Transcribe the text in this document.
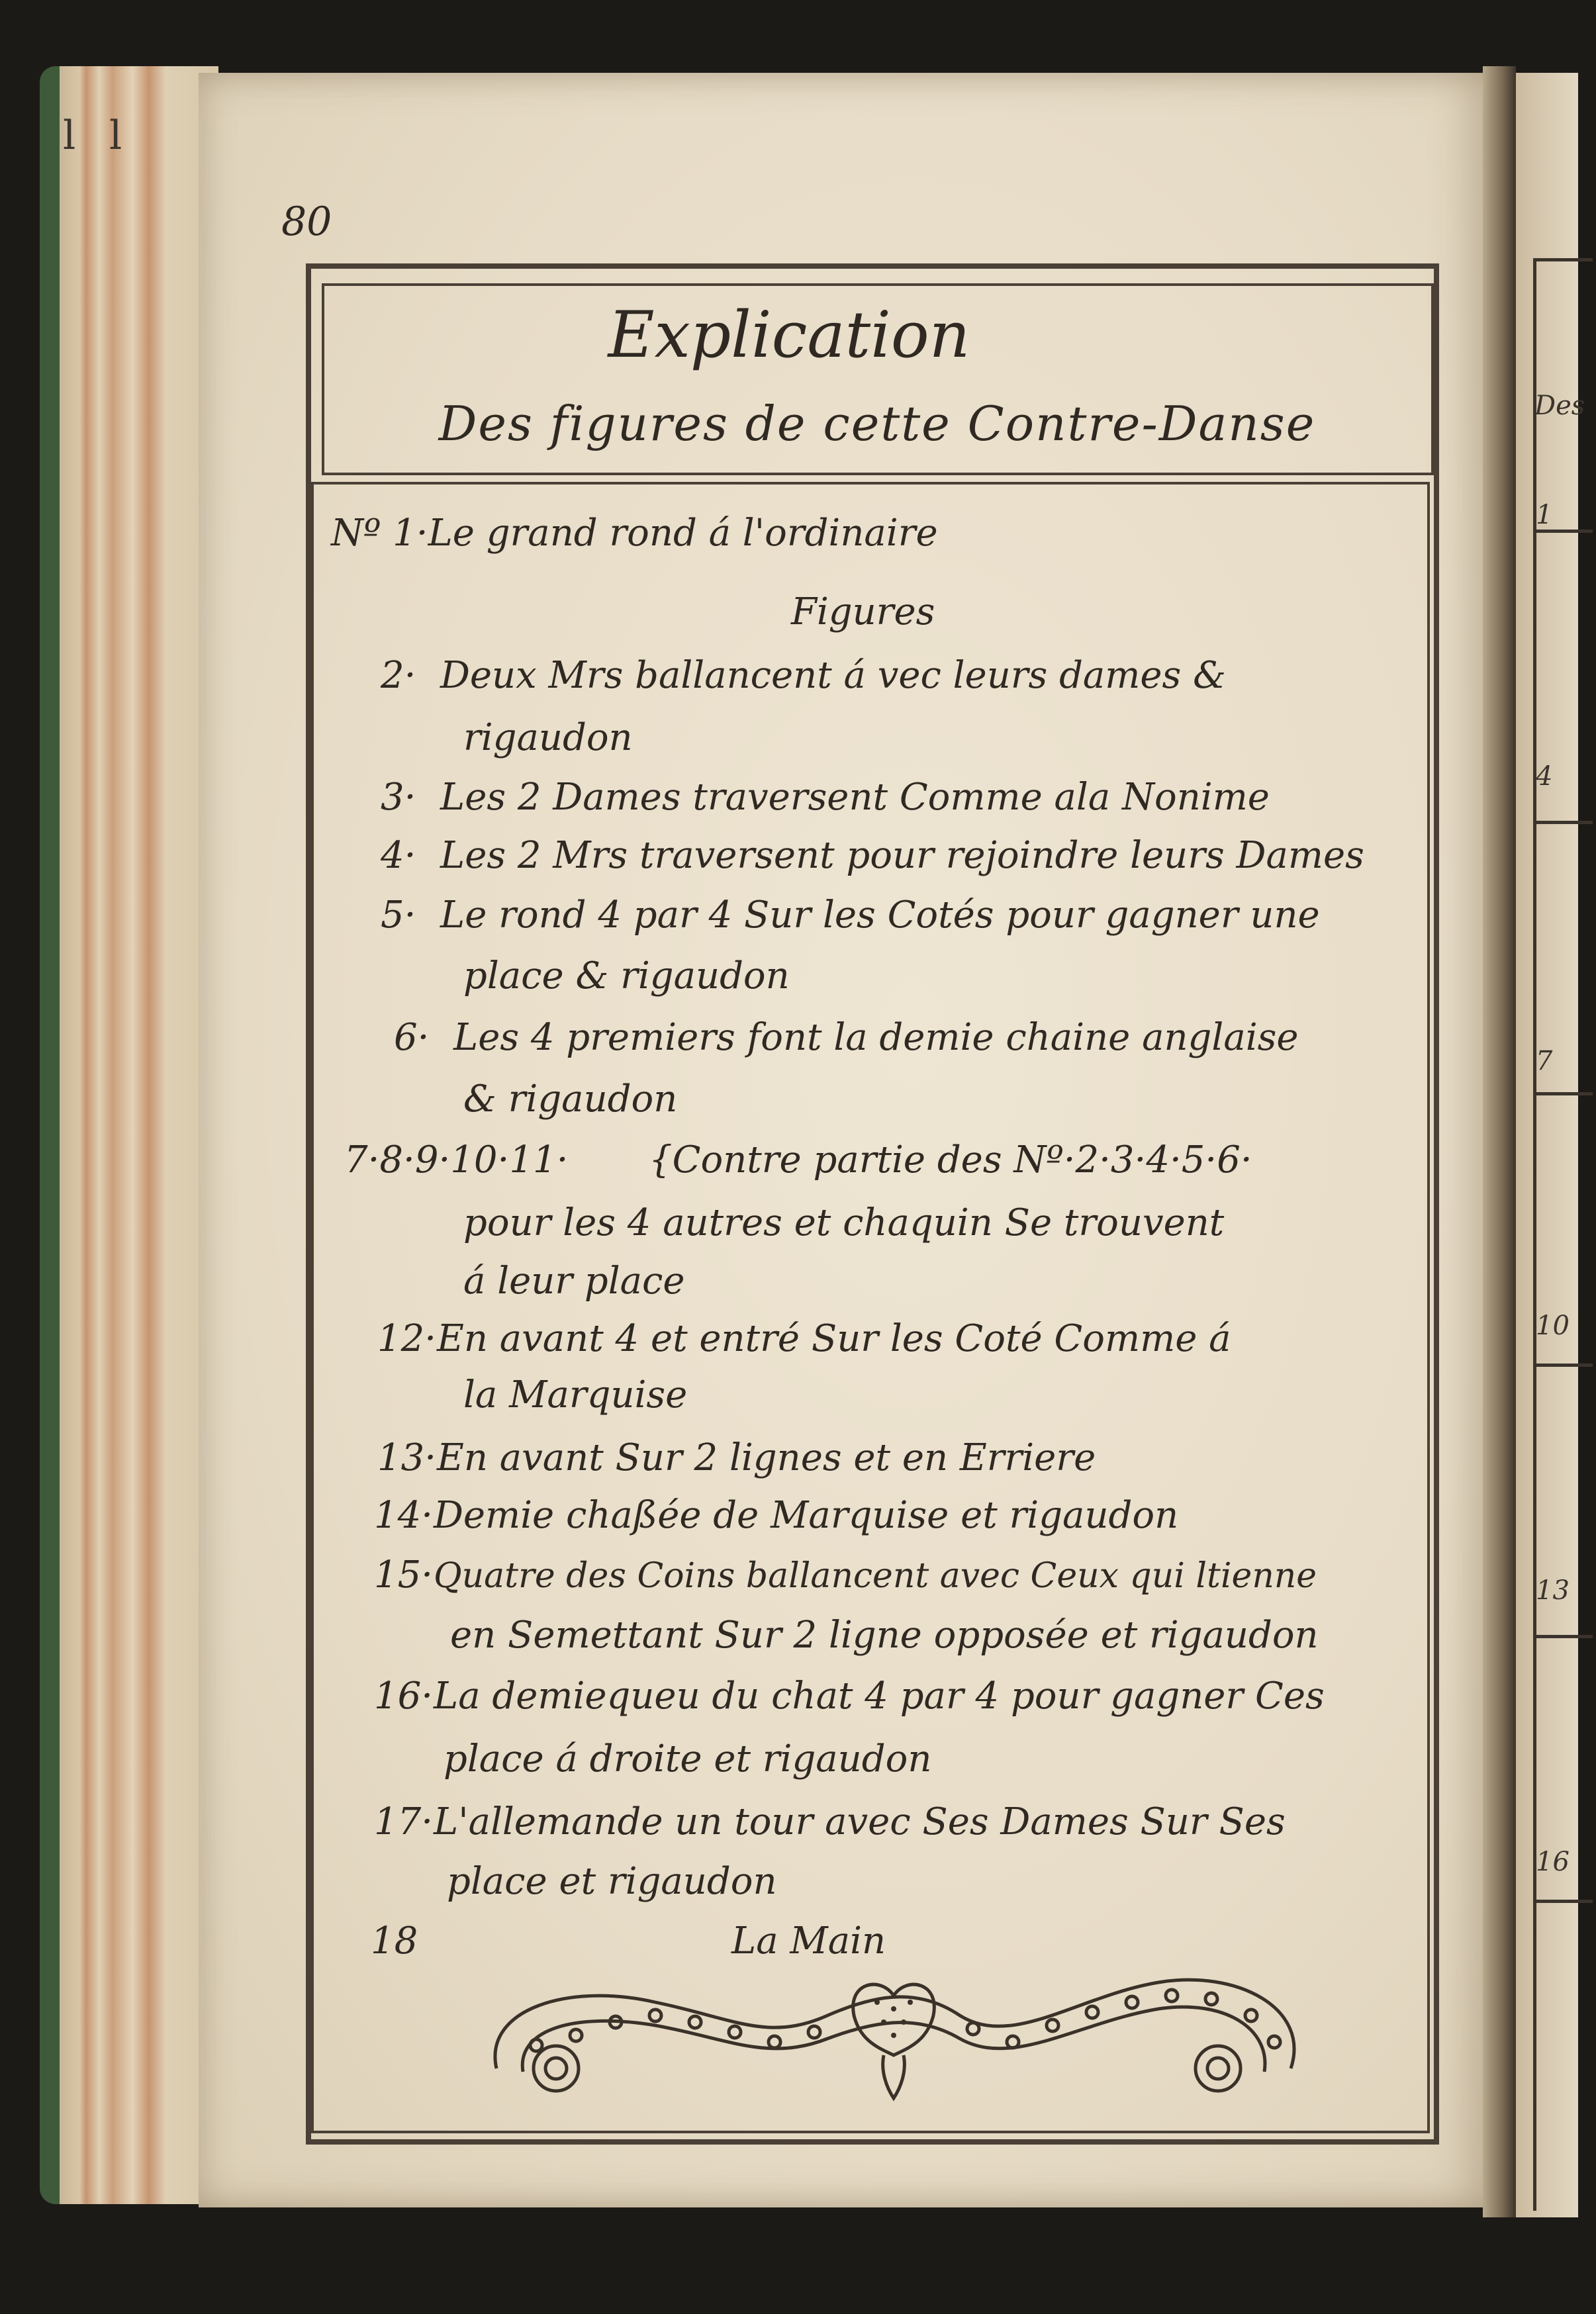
l l
Des
1
4
7
10
13
16
80
Explication
Des figures de cette Contre-Danse
Nº 1·Le grand rond á l'ordinaire
Figures
2· Deux Mrs ballancent á vec leurs dames &
rigaudon
3· Les 2 Dames traversent Comme ala Nonime
4· Les 2 Mrs traversent pour rejoindre leurs Dames
5· Le rond 4 par 4 Sur les Cotés pour gagner une
place & rigaudon
6· Les 4 premiers font la demie chaine anglaise
& rigaudon
7·8·9·10·11· {Contre partie des Nº·2·3·4·5·6·
pour les 4 autres et chaquin Se trouvent
á leur place
12·En avant 4 et entré Sur les Coté Comme á
la Marquise
13·En avant Sur 2 lignes et en Erriere
14·Demie chaßée de Marquise et rigaudon
15·Quatre des Coins ballancent avec Ceux qui ltienne
en Semettant Sur 2 ligne opposée et rigaudon
16·La demiequeu du chat 4 par 4 pour gagner Ces
place á droite et rigaudon
17·L'allemande un tour avec Ses Dames Sur Ses
place et rigaudon
18	La Main
